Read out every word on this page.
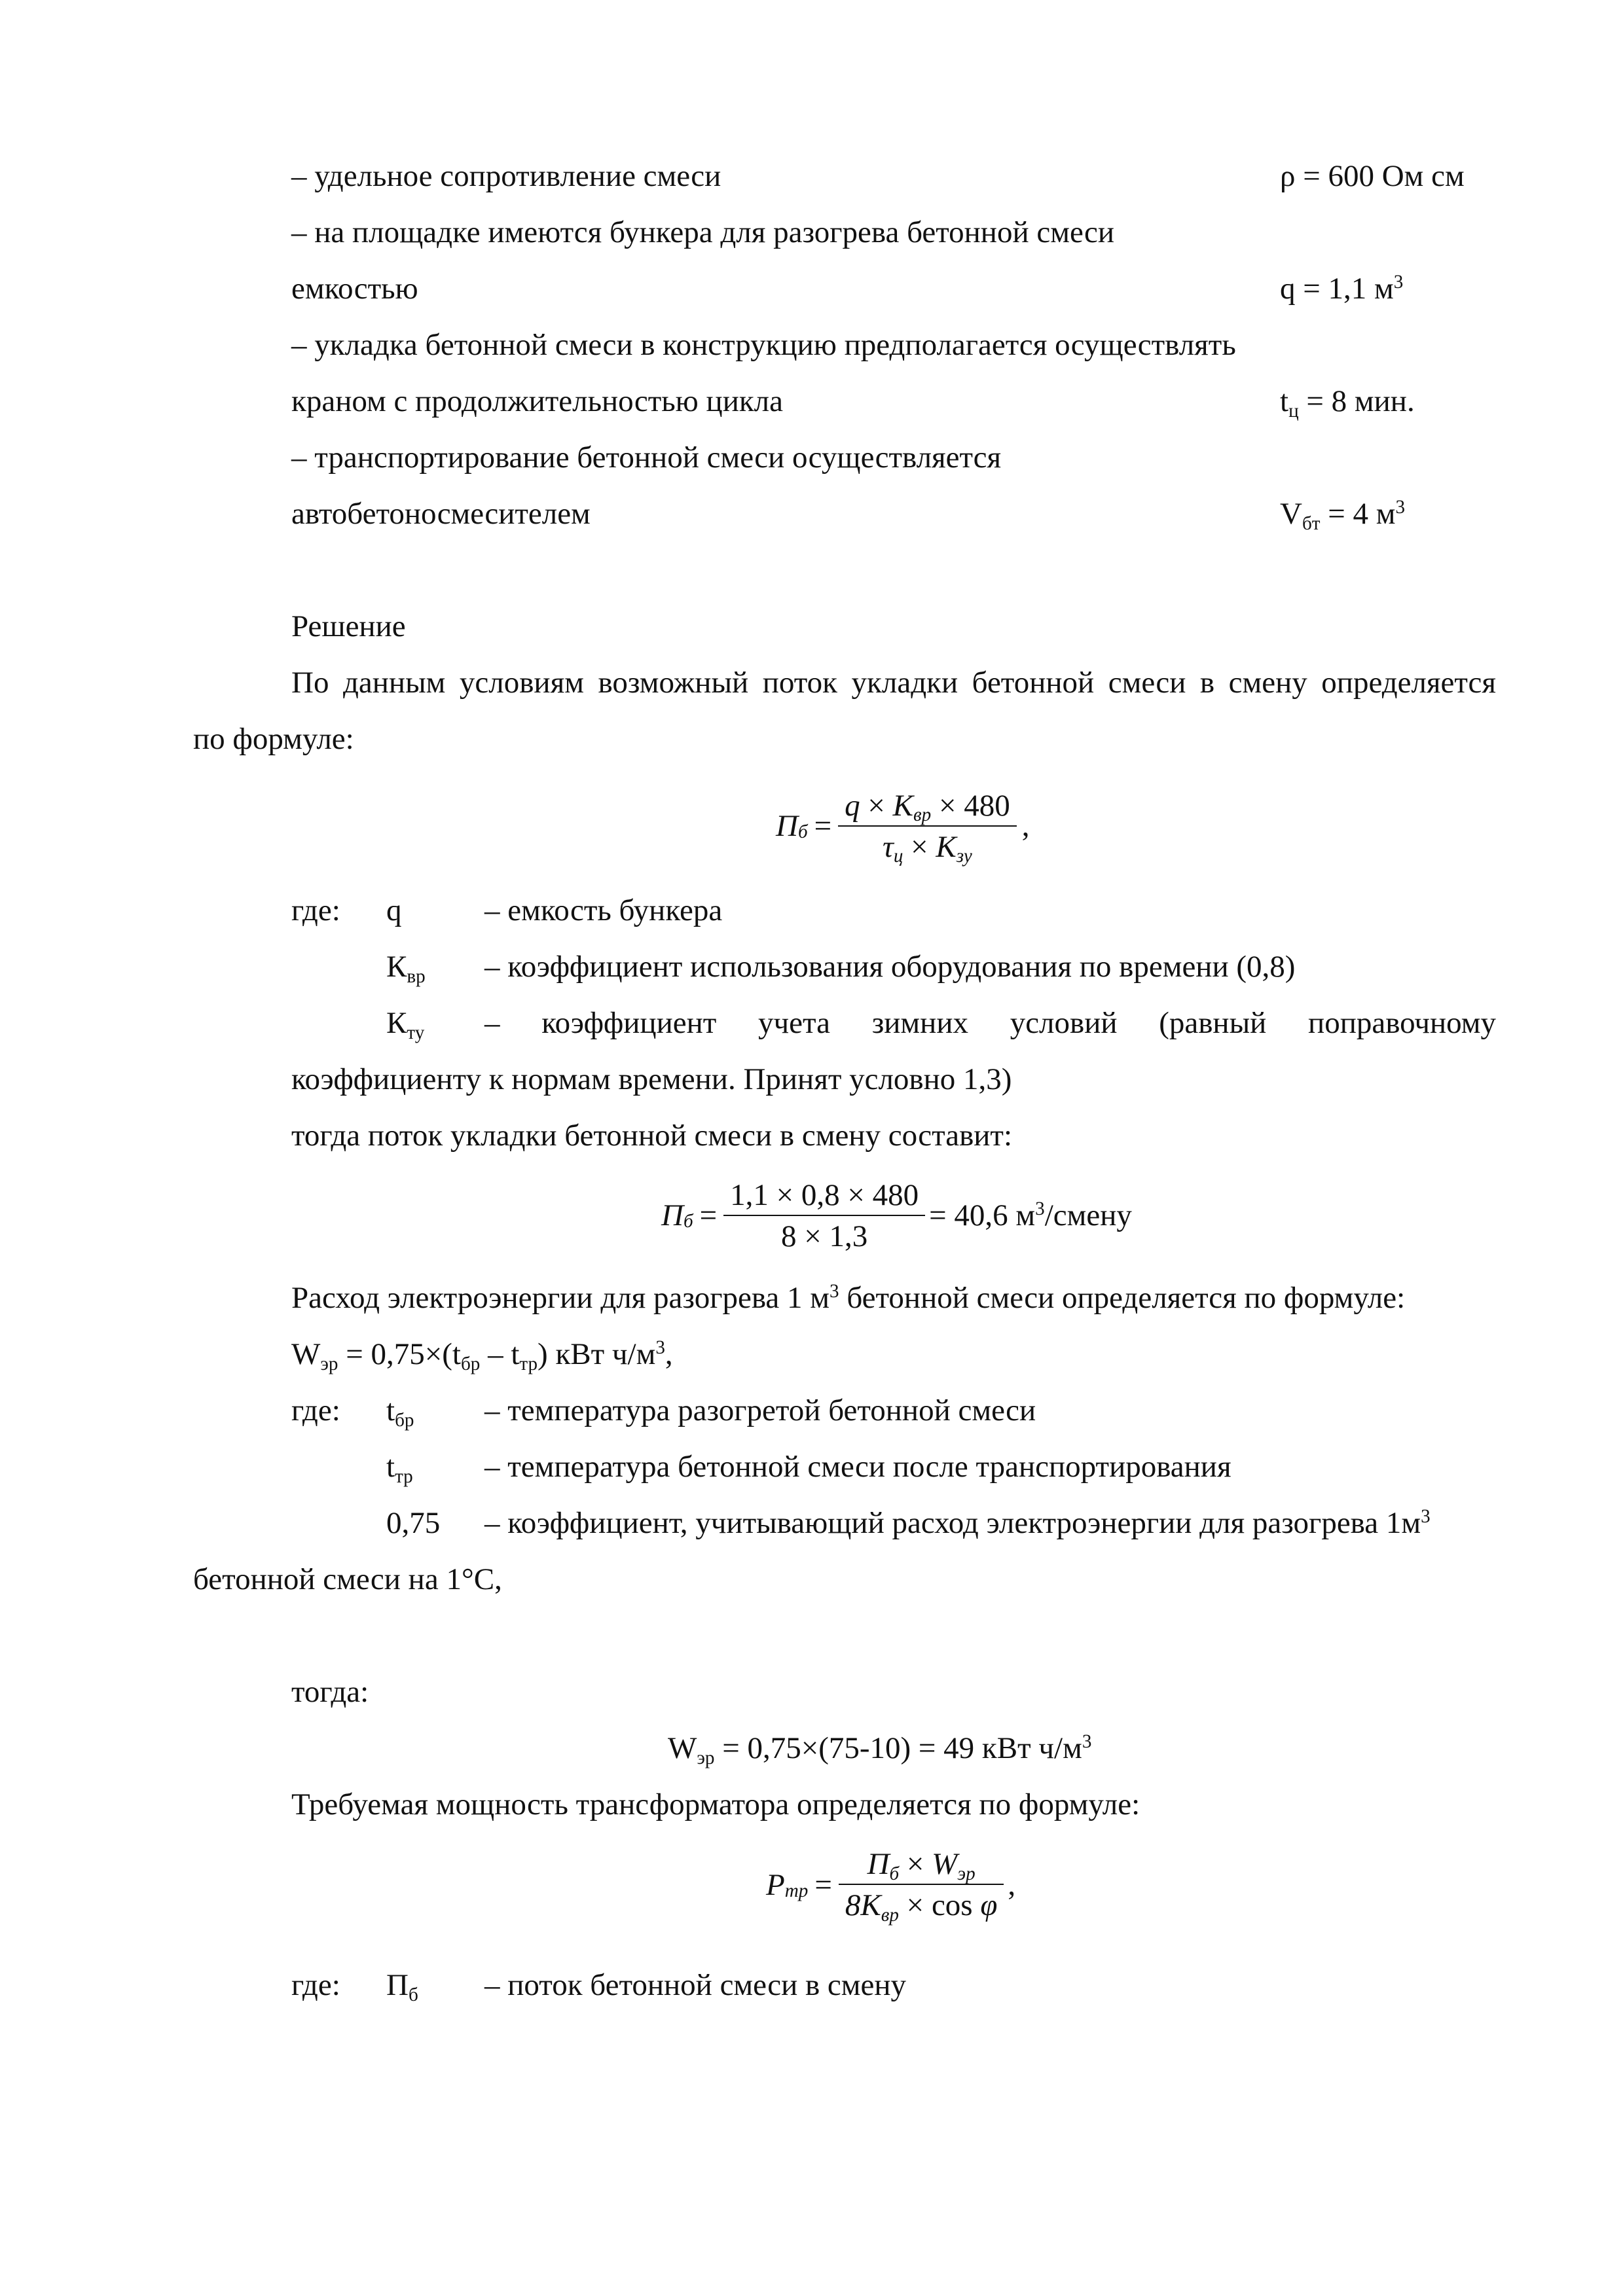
– удельное сопротивление смеси	ρ = 600 Ом см
– на площадке имеются бункера для разогрева бетонной смеси
емкостью	q = 1,1 $м^3$
– укладка бетонной смеси в конструкцию предполагается осуществлять
краном с продолжительностью цикла	$t_ц = 8$ мин.
– транспортирование бетонной смеси осуществляется
автобетоносмесителем	$V_{бт} = 4$ $м^3$
Решение
По данным условиям возможный поток укладки бетонной смеси в смену определяется
по формуле:
$П_б = \frac{q \times K_{вр} \times 480}{\tau_ц \times K_{зу}}$ ,
где: q	– емкость бункера
$К_{вр}$ – коэффициент использования оборудования по времени (0,8)
$К_{ту}$ – коэффициент учета зимних условий (равный поправочному
коэффициенту к нормам времени. Принят условно 1,3)
тогда поток укладки бетонной смеси в смену составит:
$П_б = \frac{1,1 \times 0,8 \times 480}{8 \times 1,3} = 40,6$ $м^3$/смену
Расход электроэнергии для разогрева 1 $м^3$ бетонной смеси определяется по формуле:
$W_{эр} = 0,75\times(t_{бр} - t_{тр})$ кВт $ч/м^3$,
где: $t_{бр}$ – температура разогретой бетонной смеси
$t_{тр}$ – температура бетонной смеси после транспортирования
0,75 – коэффициент, учитывающий расход электроэнергии для разогрева $1м^3$
бетонной смеси на 1°С,
тогда:
$W_{эр} = 0,75\times(75-10) = 49$ кВт $ч/м^3$
Требуемая мощность трансформатора определяется по формуле:
$P_{тр} = \frac{П_б \times W_{эр}}{8K_{вр} \times \cos \varphi}$ ,
где: $П_б$ – поток бетонной смеси в смену
